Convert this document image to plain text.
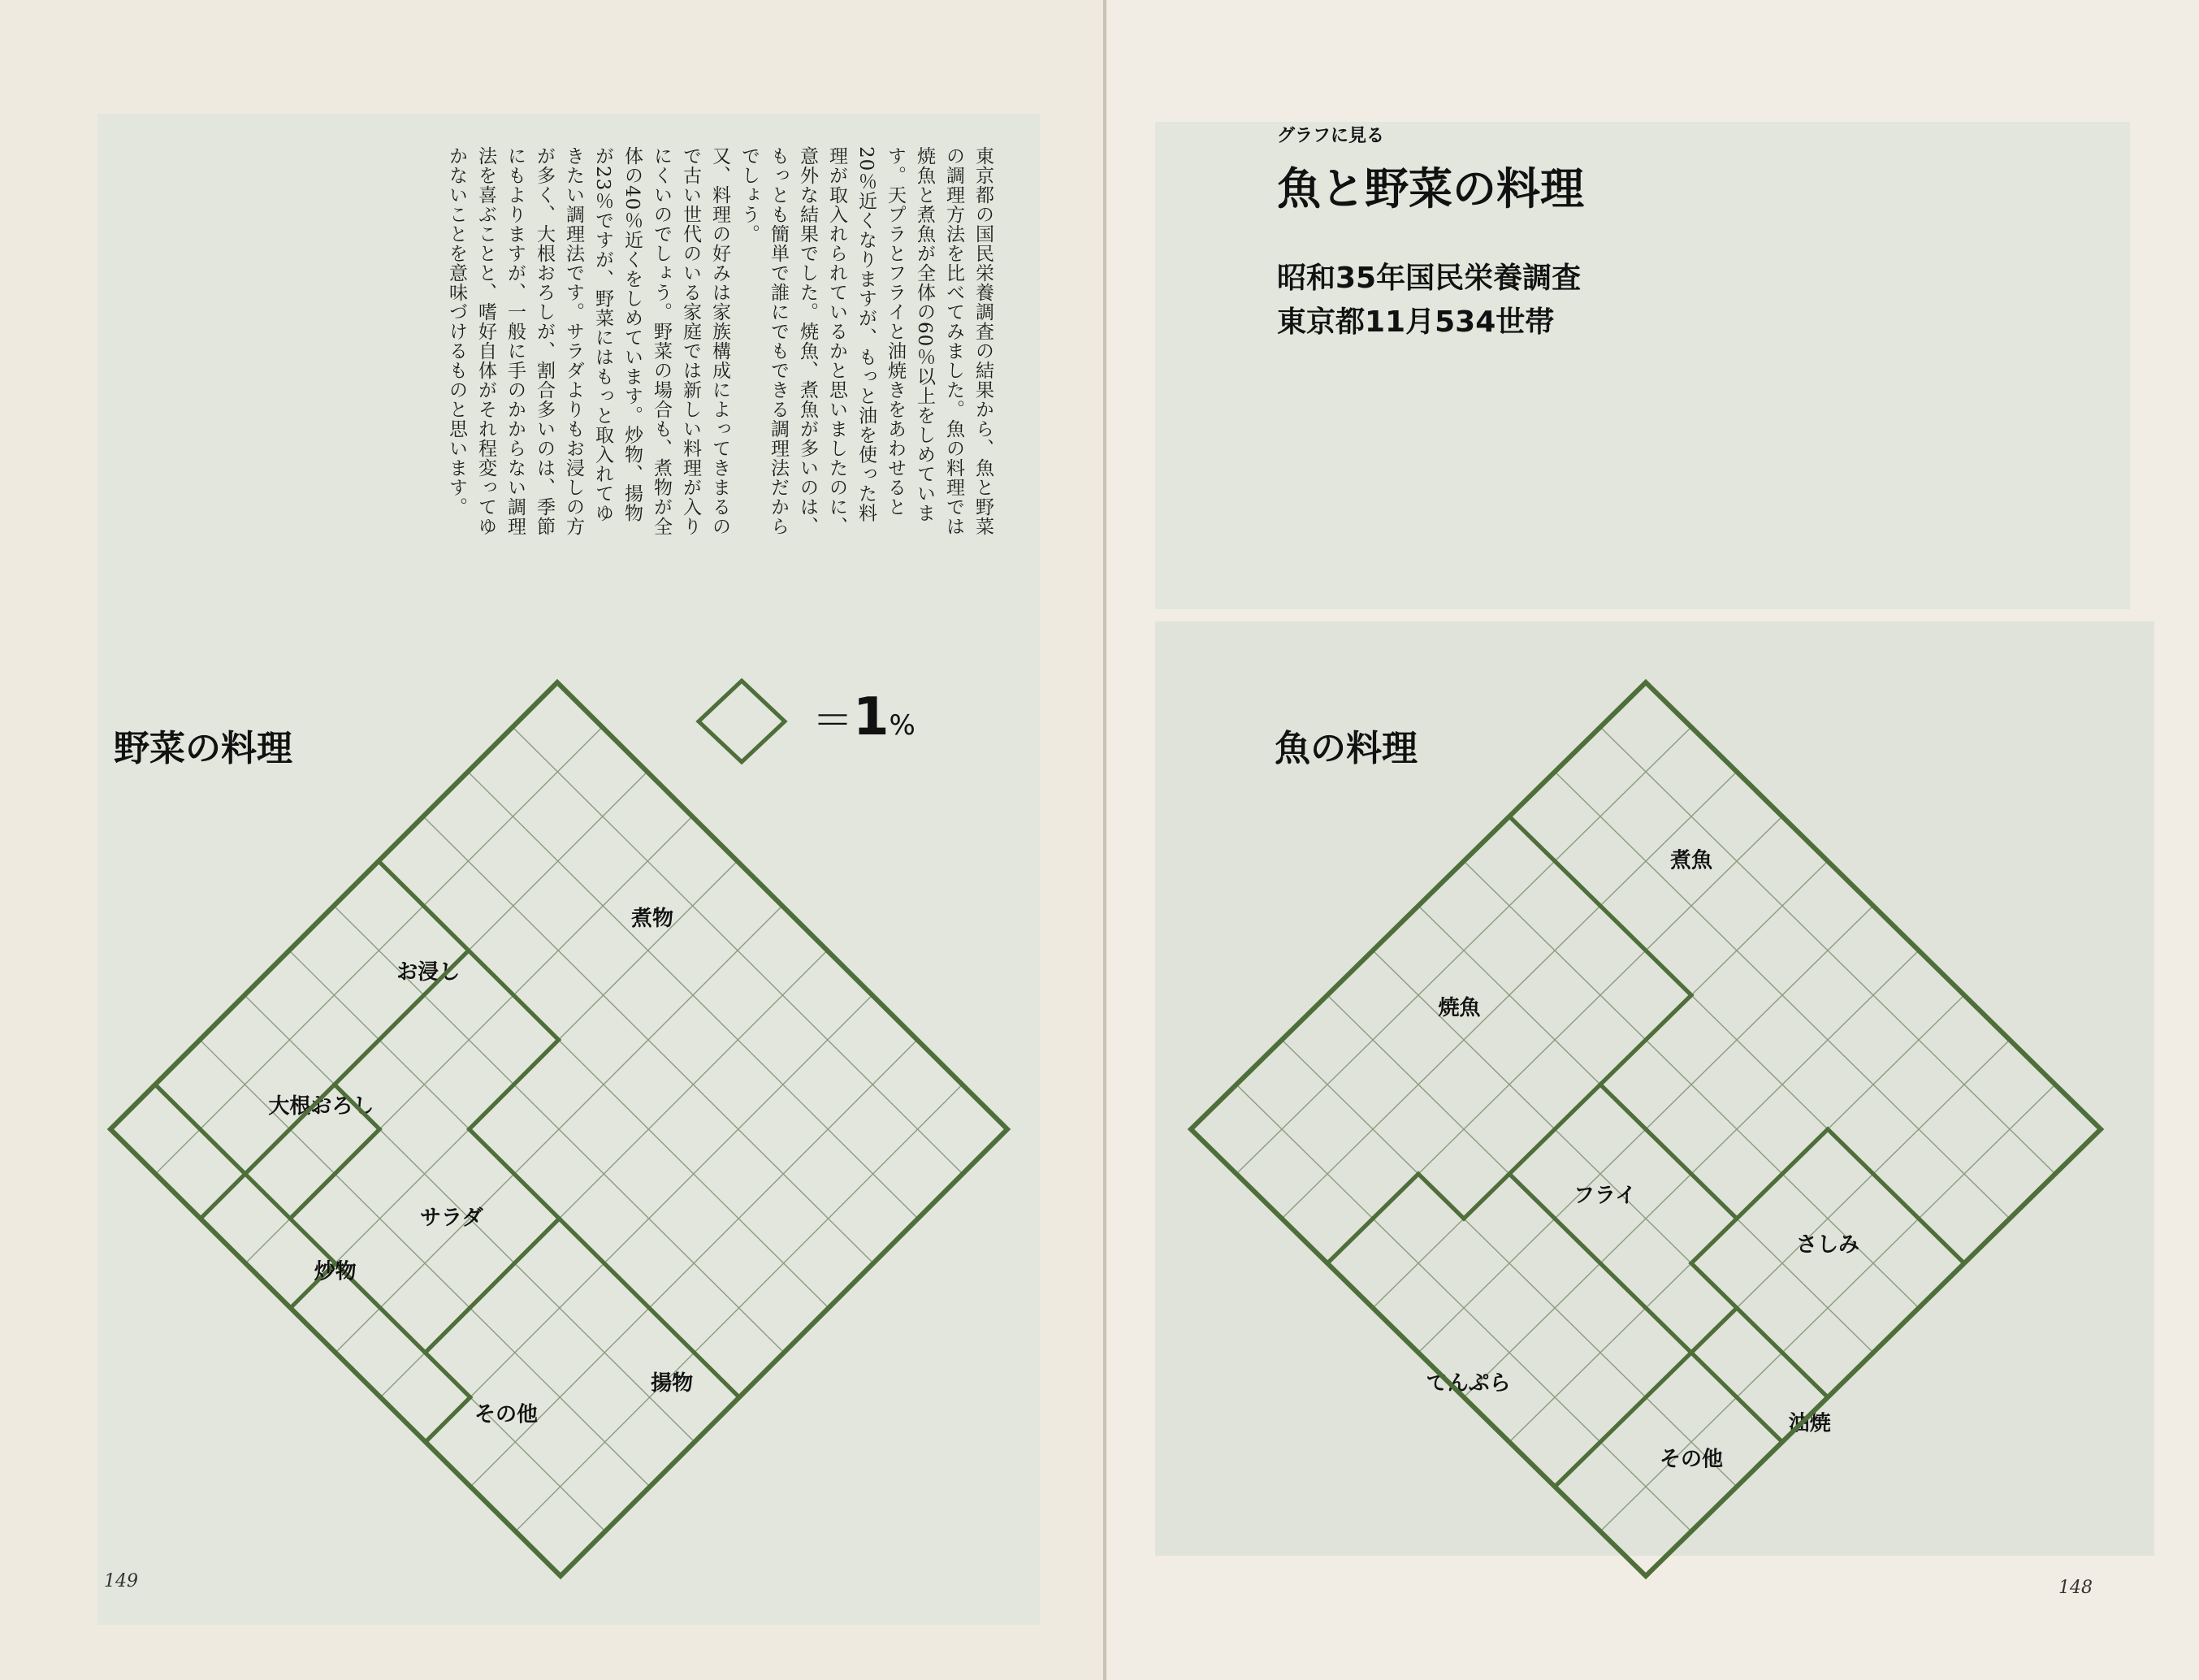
東京都の国民栄養調査の結果から、魚と野菜の調理方法を比べてみました。魚の料理では焼魚と煮魚が全体の60％以上をしめています。天プラとフライと油焼きをあわせると20％近くなりますが、もっと油を使った料理が取入れられているかと思いましたのに、意外な結果でした。焼魚、煮魚が多いのは、もっとも簡単で誰にでもできる調理法だからでしょう。

又、料理の好みは家族構成によってきまるので古い世代のいる家庭では新しい料理が入りにくいのでしょう。野菜の場合も、煮物が全体の40％近くをしめています。炒物、揚物が23％ですが、野菜にはもっと取入れてゆきたい調理法です。サラダよりもお浸しの方が多く、大根おろしが、割合多いのは、季節にもよりますが、一般に手のかからない調理法を喜ぶことと、嗜好自体がそれ程変ってゆかないことを意味づけるものと思います。

野菜の料理
＝1%
149
グラフに見る
魚と野菜の料理
昭和35年国民栄養調査
東京都11月534世帯
魚の料理
148
煮物
揚物
お浸し
大根おろし
サラダ
その他
炒物
煮魚
さしみ
油焼
焼魚
フライ
その他
てんぷら
